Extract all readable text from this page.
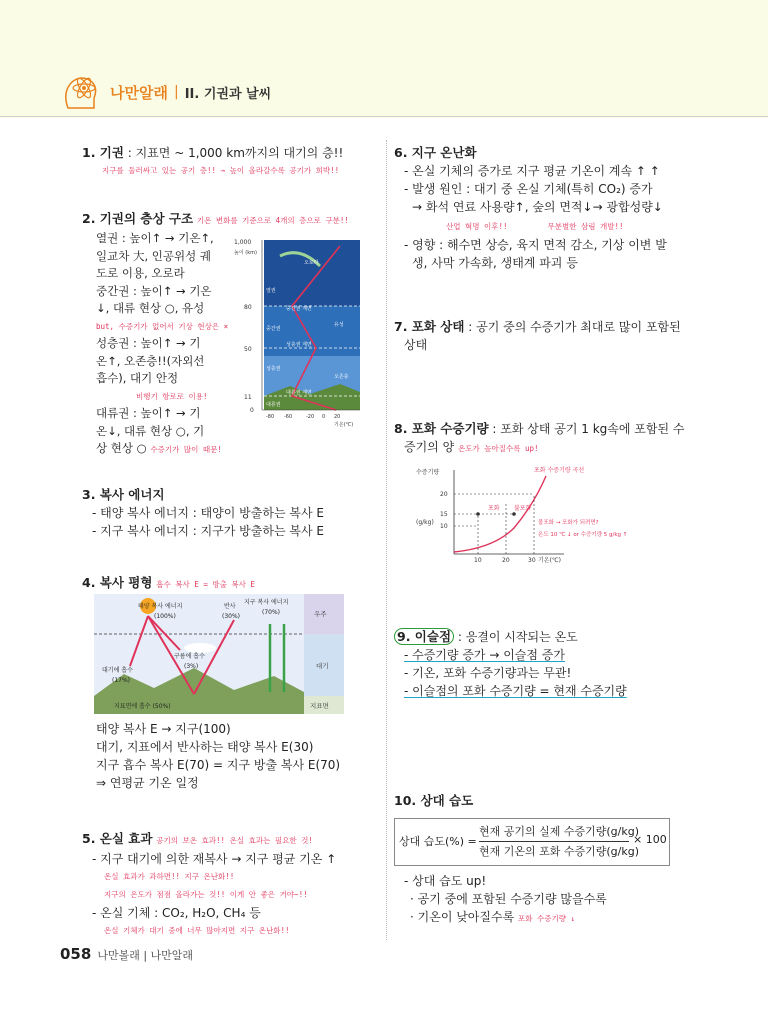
나만알래 | II. 기권과 날씨
1. 기권 : 지표면 ~ 1,000 km까지의 대기의 층!!
지구를 둘러싸고 있는 공기 층!! → 높이 올라갈수록 공기가 희박!!
2. 기권의 층상 구조 기온 변화를 기준으로 4개의 층으로 구분!!
열권 : 높이↑ → 기온↑,
일교차 大, 인공위성 궤
도로 이용, 오로라
중간권 : 높이↑ → 기온
↓, 대류 현상 ○, 유성
but, 수증기가 없어서 기상 현상은 ×
성층권 : 높이↑ → 기
온↑, 오존층!!(자외선
흡수), 대기 안정
비행기 항로로 이용!
대류권 : 높이↑ → 기
온↓, 대류 현상 ○, 기
상 현상 ○ 수증기가 많이 때문!
1,000
높이 (km)
80
50
11
0
-80 -60	-20 0 20
기온(℃)
오로라
열권
중간권 계면
중간권
유성
성층권 계면
성층권
오존층
대류권 계면
대류권
3. 복사 에너지
- 태양 복사 에너지 : 태양이 방출하는 복사 E
- 지구 복사 에너지 : 지구가 방출하는 복사 E
4. 복사 평형 흡수 복사 E = 방출 복사 E
태양 복사 에너지
(100%)
반사
(30%)
지구 복사 에너지
(70%)
구름에 흡수
(3%)
대기에 흡수
(17%)
지표면에 흡수 (50%)
우주
대기
지표면
태양 복사 E → 지구(100)
대기, 지표에서 반사하는 태양 복사 E(30)
지구 흡수 복사 E(70) = 지구 방출 복사 E(70)
⇒ 연평균 기온 일정
5. 온실 효과 공기의 보온 효과!! 온실 효과는 필요한 것!
- 지구 대기에 의한 재복사 → 지구 평균 기온 ↑
온실 효과가 과하면!! 지구 온난화!!
지구의 온도가 점점 올라가는 것!! 이게 안 좋은 거야~!!
- 온실 기체 : CO₂, H₂O, CH₄ 등
온실 기체가 대기 중에 너무 많아지면 지구 온난화!!
6. 지구 온난화
- 온실 기체의 증가로 지구 평균 기온이 계속 ↑ ↑
- 발생 원인 : 대기 중 온실 기체(특히 CO₂) 증가
→ 화석 연료 사용량↑, 숲의 면적↓→ 광합성량↓
산업 혁명 이후!!	무분별한 삼림 개발!!
- 영향 : 해수면 상승, 육지 면적 감소, 기상 이변 발
생, 사막 가속화, 생태계 파괴 등
7. 포화 상태 : 공기 중의 수증기가 최대로 많이 포함된
상태
8. 포화 수증기량 : 포화 상태 공기 1 kg속에 포함된 수
증기의 양 온도가 높아질수록 up!
수증기량
(g/kg)
20
15
10
10	20	30 기온(℃)
포화 수증기량 곡선
포화 불포화
불포화 → 포화가 되려면?
온도 10 ℃ ↓ or 수증기량 5 g/kg ↑
9. 이슬점 : 응결이 시작되는 온도
- 수증기량 증가 → 이슬점 증가
- 기온, 포화 수증기량과는 무관!
- 이슬점의 포화 수증기량 = 현재 수증기량
10. 상대 습도
상대 습도(%) =
현재 공기의 실제 수증기량(g/kg)
현재 기온의 포화 수증기량(g/kg)
× 100
- 상대 습도 up!
· 공기 중에 포함된 수증기량 많을수록
· 기온이 낮아질수록 포화 수증기량 ↓
058 나만볼래 | 나만알래
